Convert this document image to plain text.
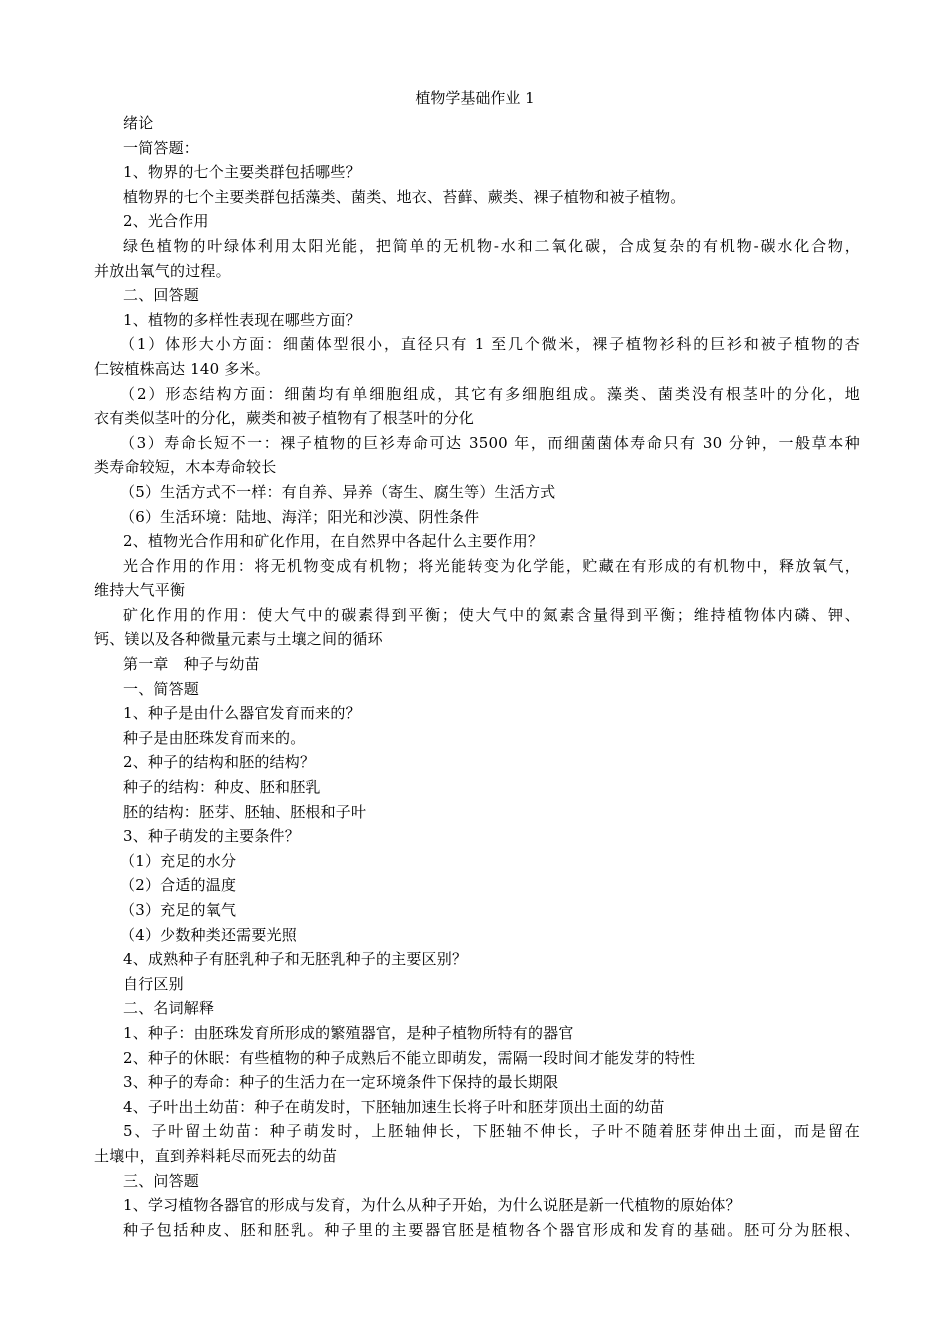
植物学基础作业 1
绪论
一简答题：
1、物界的七个主要类群包括哪些？
植物界的七个主要类群包括藻类、菌类、地衣、苔藓、蕨类、裸子植物和被子植物。
2、光合作用
绿色植物的叶绿体利用太阳光能，把简单的无机物-水和二氧化碳，合成复杂的有机物-碳水化合物，
并放出氧气的过程。
二、回答题
1、植物的多样性表现在哪些方面？
（1）体形大小方面：细菌体型很小，直径只有 1 至几个微米，裸子植物衫科的巨衫和被子植物的杏
仁铵植株高达 140 多米。
（2）形态结构方面：细菌均有单细胞组成，其它有多细胞组成。藻类、菌类没有根茎叶的分化，地
衣有类似茎叶的分化，蕨类和被子植物有了根茎叶的分化
（3）寿命长短不一：裸子植物的巨衫寿命可达 3500 年，而细菌菌体寿命只有 30 分钟，一般草本种
类寿命较短，木本寿命较长
（5）生活方式不一样：有自养、异养（寄生、腐生等）生活方式
（6）生活环境：陆地、海洋；阳光和沙漠、阴性条件
2、植物光合作用和矿化作用，在自然界中各起什么主要作用？
光合作用的作用：将无机物变成有机物；将光能转变为化学能，贮藏在有形成的有机物中，释放氧气，
维持大气平衡
矿化作用的作用：使大气中的碳素得到平衡；使大气中的氮素含量得到平衡；维持植物体内磷、钾、
钙、镁以及各种微量元素与土壤之间的循环
第一章　种子与幼苗
一、简答题
1、种子是由什么器官发育而来的？
种子是由胚珠发育而来的。
2、种子的结构和胚的结构？
种子的结构：种皮、胚和胚乳
胚的结构：胚芽、胚轴、胚根和子叶
3、种子萌发的主要条件？
（1）充足的水分
（2）合适的温度
（3）充足的氧气
（4）少数种类还需要光照
4、成熟种子有胚乳种子和无胚乳种子的主要区别？
自行区别
二、名词解释
1、种子：由胚珠发育所形成的繁殖器官，是种子植物所特有的器官
2、种子的休眠：有些植物的种子成熟后不能立即萌发，需隔一段时间才能发芽的特性
3、种子的寿命：种子的生活力在一定环境条件下保持的最长期限
4、子叶出土幼苗：种子在萌发时，下胚轴加速生长将子叶和胚芽顶出土面的幼苗
5、子叶留土幼苗：种子萌发时，上胚轴伸长，下胚轴不伸长，子叶不随着胚芽伸出土面，而是留在
土壤中，直到养料耗尽而死去的幼苗
三、问答题
1、学习植物各器官的形成与发育，为什么从种子开始，为什么说胚是新一代植物的原始体？
种子包括种皮、胚和胚乳。种子里的主要器官胚是植物各个器官形成和发育的基础。胚可分为胚根、
